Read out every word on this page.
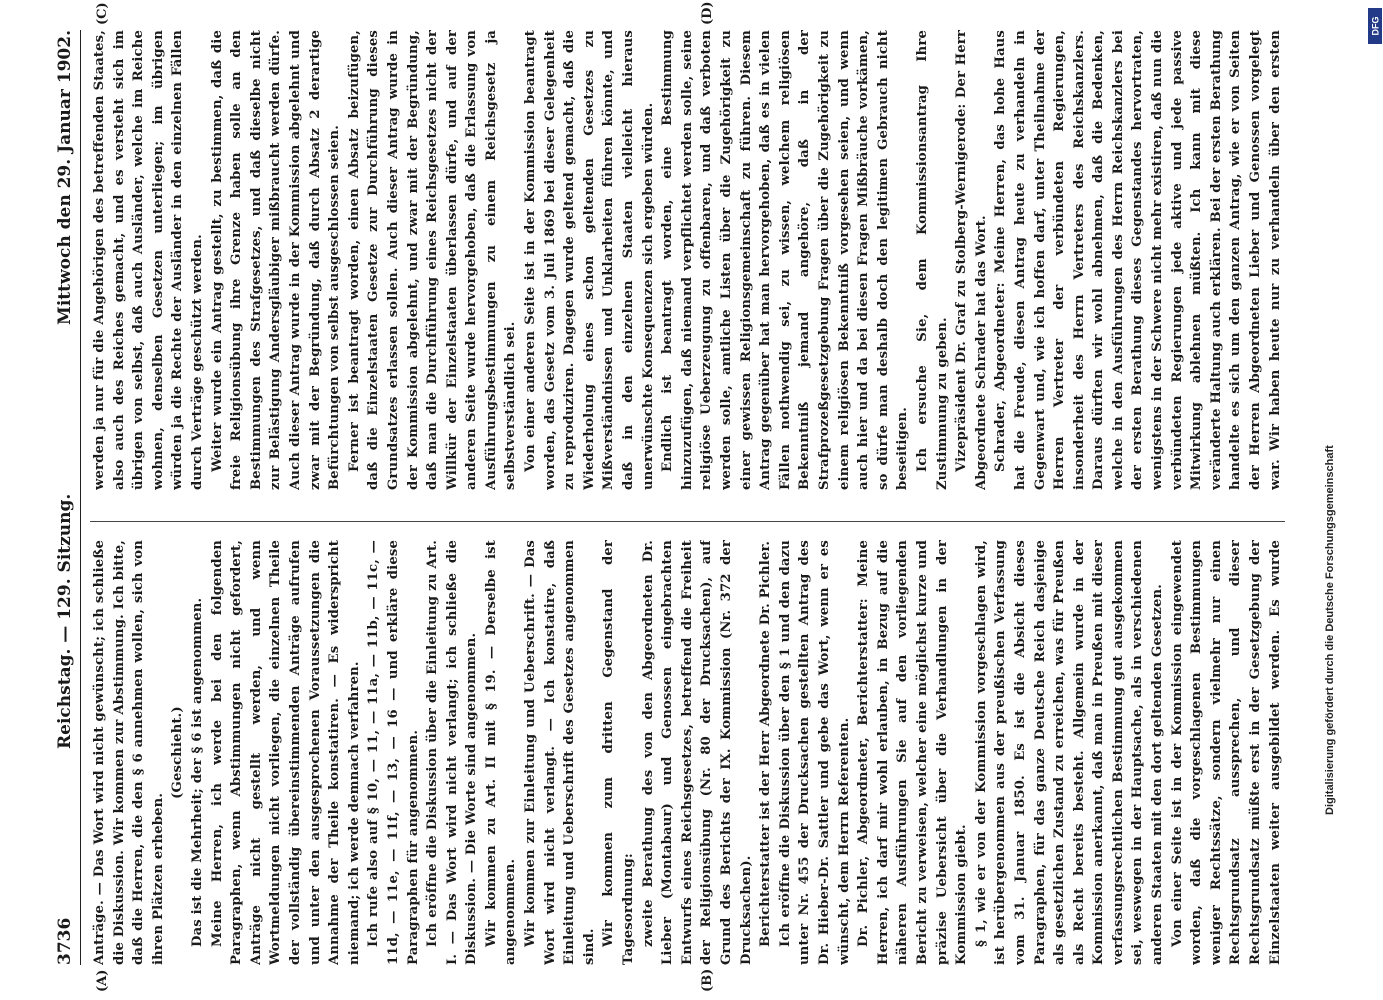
3736
Reichstag. — 129. Sitzung.
Mittwoch den 29. Januar 1902.
(A)	(B)
(C)	(D)

Anträge. — Das Wort wird nicht gewünscht; ich schließe die Diskussion. Wir kommen zur Abstimmung. Ich bitte, daß die Herren, die den § 6 annehmen wollen, sich von ihren Plätzen erheben.

(Geschieht.) Das ist die Mehrheit; der § 6 ist angenommen. Meine Herren, ich werde bei den folgenden Paragraphen, wenn Abstimmungen nicht gefordert, Anträge nicht gestellt werden, und wenn Wortmeldungen nicht vorliegen, die einzelnen Theile der vollständig übereinstimmenden Anträge aufrufen und unter den ausgesprochenen Voraussetzungen die Annahme der Theile konstatiren. — Es widerspricht niemand; ich werde demnach verfahren. Ich rufe also auf § 10, — 11, — 11a, — 11b, — 11c, — 11d, — 11e, — 11f, — 13, — 16 — und erkläre diese Paragraphen für angenommen. Ich eröffne die Diskussion über die Einleitung zu Art. I. — Das Wort wird nicht verlangt; ich schließe die Diskussion. — Die Worte sind angenommen. Wir kommen zu Art. II mit § 19. — Derselbe ist angenommen. Wir kommen zur Einleitung und Ueberschrift. — Das Wort wird nicht verlangt. — Ich konstatire, daß Einleitung und Ueberschrift des Gesetzes angenommen sind. Wir kommen zum dritten Gegenstand der Tagesordnung: zweite Berathung des von den Abgeordneten Dr. Lieber (Montabaur) und Genossen eingebrachten Entwurfs eines Reichsgesetzes, betreffend die Freiheit der Religionsübung (Nr. 80 der Drucksachen), auf Grund des Berichts der IX. Kommission (Nr. 372 der Drucksachen). Berichterstatter ist der Herr Abgeordnete Dr. Pichler. Ich eröffne die Diskussion über den § 1 und den dazu unter Nr. 455 der Drucksachen gestellten Antrag des Dr. Hieber-Dr. Sattler und gebe das Wort, wenn er es wünscht, dem Herrn Referenten. Dr. Pichler, Abgeordneter, Berichterstatter: Meine Herren, ich darf mir wohl erlauben, in Bezug auf die näheren Ausführungen Sie auf den vorliegenden Bericht zu verweisen, welcher eine möglichst kurze und präzise Uebersicht über die Verhandlungen in der Kommission giebt. § 1, wie er von der Kommission vorgeschlagen wird, ist herübergenommen aus der preußischen Verfassung vom 31. Januar 1850. Es ist die Absicht dieses Paragraphen, für das ganze Deutsche Reich dasjenige als gesetzlichen Zustand zu erreichen, was für Preußen als Recht bereits besteht. Allgemein wurde in der Kommission anerkannt, daß man in Preußen mit dieser verfassungsrechtlichen Bestimmung gut ausgekommen sei, weswegen in der Hauptsache, als in verschiedenen anderen Staaten mit den dort geltenden Gesetzen. Von einer Seite ist in der Kommission eingewendet worden, daß die vorgeschlagenen Bestimmungen weniger Rechtssätze, sondern vielmehr nur einen Rechtsgrundsatz aussprechen, und dieser Rechtsgrundsatz müßte erst in der Gesetzgebung der Einzelstaaten weiter ausgebildet werden. Es wurde

werden ja nur für die Angehörigen des betreffenden Staates, also auch des Reiches gemacht, und es versteht sich im übrigen von selbst, daß auch Ausländer, welche im Reiche wohnen, denselben Gesetzen unterliegen; im übrigen würden ja die Rechte der Ausländer in den einzelnen Fällen durch Verträge geschützt werden. Weiter wurde ein Antrag gestellt, zu bestimmen, daß die freie Religionsübung ihre Grenze haben solle an den Bestimmungen des Strafgesetzes, und daß dieselbe nicht zur Belästigung Andersgläubiger mißbraucht werden dürfe. Auch dieser Antrag wurde in der Kommission abgelehnt und zwar mit der Begründung, daß durch Absatz 2 derartige Befürchtungen von selbst ausgeschlossen seien. Ferner ist beantragt worden, einen Absatz beizufügen, daß die Einzelstaaten Gesetze zur Durchführung dieses Grundsatzes erlassen sollen. Auch dieser Antrag wurde in der Kommission abgelehnt, und zwar mit der Begründung, daß man die Durchführung eines Reichsgesetzes nicht der Willkür der Einzelstaaten überlassen dürfe, und auf der anderen Seite wurde hervorgehoben, daß die Erlassung von Ausführungsbestimmungen zu einem Reichsgesetz ja selbstverständlich sei. Von einer anderen Seite ist in der Kommission beantragt worden, das Gesetz vom 3. Juli 1869 bei dieser Gelegenheit zu reproduziren. Dagegen wurde geltend gemacht, daß die Wiederholung eines schon geltenden Gesetzes zu Mißverständnissen und Unklarheiten führen könnte, und daß in den einzelnen Staaten vielleicht hieraus unerwünschte Konsequenzen sich ergeben würden. Endlich ist beantragt worden, eine Bestimmung hinzuzufügen, daß niemand verpflichtet werden solle, seine religiöse Ueberzeugung zu offenbaren, und daß verboten werden solle, amtliche Listen über die Zugehörigkeit zu einer gewissen Religionsgemeinschaft zu führen. Diesem Antrag gegenüber hat man hervorgehoben, daß es in vielen Fällen nothwendig sei, zu wissen, welchem religiösen Bekenntniß jemand angehöre, daß in der Strafprozeßgesetzgebung Fragen über die Zugehörigkeit zu einem religiösen Bekenntniß vorgesehen seien, und wenn auch hier und da bei diesen Fragen Mißbräuche vorkämen, so dürfe man deshalb doch den legitimen Gebrauch nicht beseitigen. Ich ersuche Sie, dem Kommissionsantrag Ihre Zustimmung zu geben. Vizepräsident Dr. Graf zu Stolberg-Wernigerode: Der Herr Abgeordnete Schrader hat das Wort. Schrader, Abgeordneter: Meine Herren, das hohe Haus hat die Freude, diesen Antrag heute zu verhandeln in Gegenwart und, wie ich hoffen darf, unter Theilnahme der Herren Vertreter der verbündeten Regierungen, insonderheit des Herrn Vertreters des Reichskanzlers. Daraus dürften wir wohl abnehmen, daß die Bedenken, welche in den Ausführungen des Herrn Reichskanzlers bei der ersten Berathung dieses Gegenstandes hervortraten, wenigstens in der Schwere nicht mehr existiren, daß nun die verbündeten Regierungen jede aktive und jede passive Mitwirkung ablehnen müßten. Ich kann mit diese veränderte Haltung auch erklären. Bei der ersten Berathung handelte es sich um den ganzen Antrag, wie er von Seiten der Herren Abgeordneten Lieber und Genossen vorgelegt war. Wir haben heute nur zu verhandeln über den ersten

Digitalisierung gefördert durch die Deutsche Forschungsgemeinschaft
DFG
